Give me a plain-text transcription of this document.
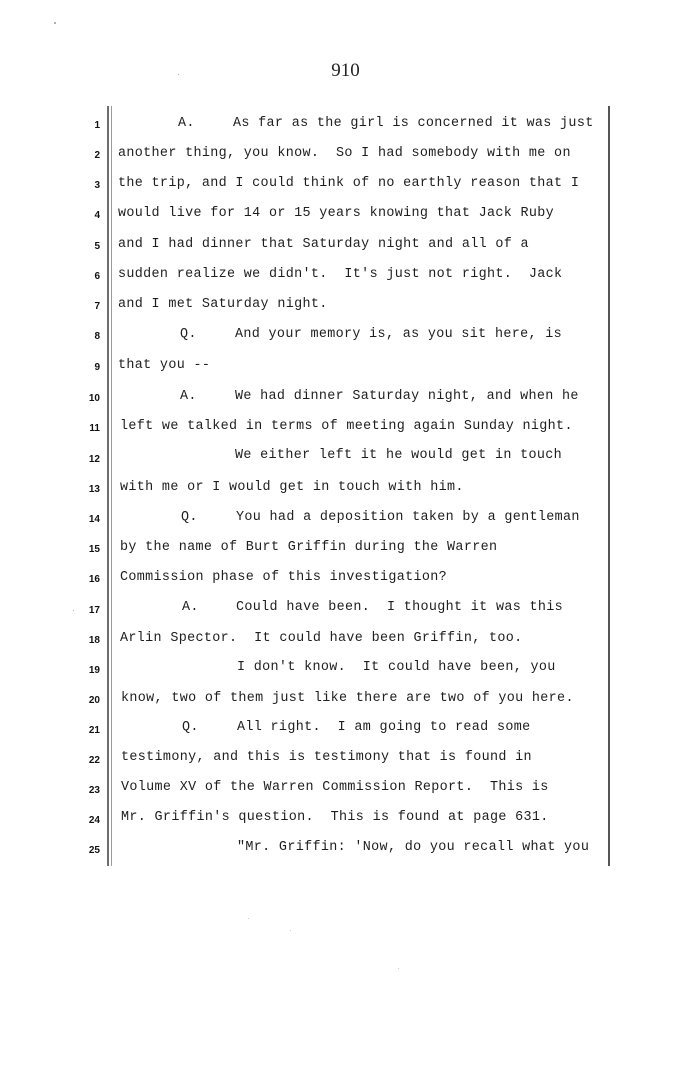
910
1	A.	As far as the girl is concerned it was just
2 another thing, you know.  So I had somebody with me on
3 the trip, and I could think of no earthly reason that I
4 would live for 14 or 15 years knowing that Jack Ruby
5 and I had dinner that Saturday night and all of a
6 sudden realize we didn't.  It's just not right.  Jack
7 and I met Saturday night.
8	Q.	And your memory is, as you sit here, is
9 that you --
10	A.	We had dinner Saturday night, and when he
11 left we talked in terms of meeting again Sunday night.
12	We either left it he would get in touch
13 with me or I would get in touch with him.
14	Q.	You had a deposition taken by a gentleman
15 by the name of Burt Griffin during the Warren
16 Commission phase of this investigation?
17	A.	Could have been.  I thought it was this
18 Arlin Spector.  It could have been Griffin, too.
19	I don't know.  It could have been, you
20 know, two of them just like there are two of you here.
21	Q.	All right.  I am going to read some
22 testimony, and this is testimony that is found in
23 Volume XV of the Warren Commission Report.  This is
24 Mr. Griffin's question.  This is found at page 631.
25	"Mr. Griffin: 'Now, do you recall what you
